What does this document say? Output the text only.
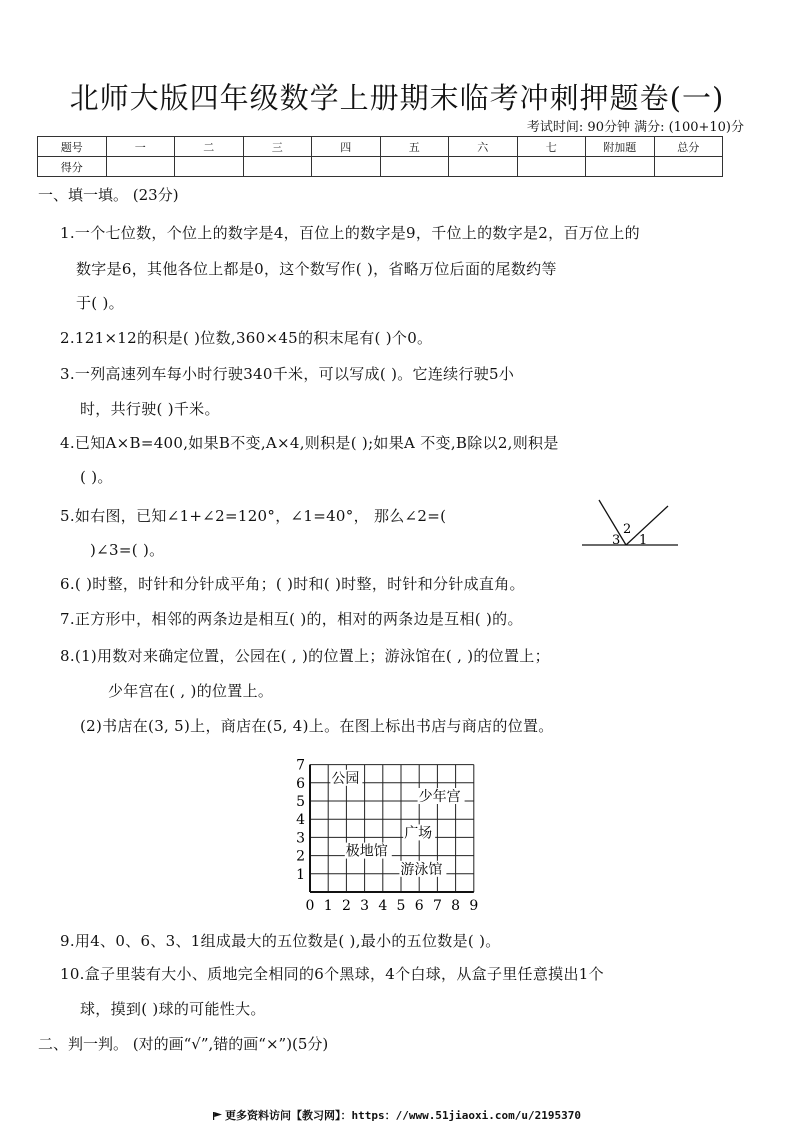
北师大版四年级数学上册期末临考冲刺押题卷(一)
考试时间: 90分钟 满分: (100+10)分
题号	一	二	三	四	五	六	七	附加题	总分
得分									
一、填一填。 (23分)
1.一个七位数，个位上的数字是4，百位上的数字是9，千位上的数字是2，百万位上的
数字是6，其他各位上都是0，这个数写作( )，省略万位后面的尾数约等
于( )。
2.121×12的积是( )位数,360×45的积末尾有( )个0。
3.一列高速列车每小时行驶340千米，可以写成( )。它连续行驶5小
时，共行驶( )千米。
4.已知A×B=400,如果B不变,A×4,则积是( );如果A 不变,B除以2,则积是
( )。
5.如右图，已知∠1+∠2=120°，∠1=40°， 那么∠2=(
)∠3=( )。
2
3 1
6.( )时整，时针和分针成平角；( )时和( )时整，时针和分针成直角。
7.正方形中，相邻的两条边是相互( )的，相对的两条边是互相( )的。
8.(1)用数对来确定位置，公园在( , )的位置上；游泳馆在( , )的位置上；
少年宫在( , )的位置上。
(2)书店在(3, 5)上，商店在(5, 4)上。在图上标出书店与商店的位置。
0 1 2 3 4 5 6 7 8 9
1
2
3
4
5
6
7
公园
少年宫
广场
极地馆
游泳馆
9.用4、0、6、3、1组成最大的五位数是( ),最小的五位数是( )。
10.盒子里装有大小、质地完全相同的6个黑球，4个白球，从盒子里任意摸出1个
球，摸到( )球的可能性大。
二、判一判。 (对的画“√”,错的画“×”)(5分)
更多资料访问【教习网】：https：//www.51jiaoxi.com/u/2195370
